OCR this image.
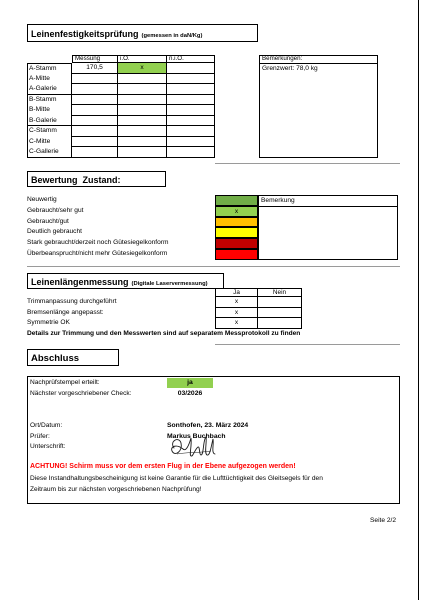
Leinenfestigkeitsprüfung (gemessen in daN/Kg)
Messung	i.O.	n.i.O.
A-Stamm	170,5	x
A-Mitte
A-Galerie
B-Stamm
B-Mitte
B-Galerie
C-Stamm
C-Mitte
C-Gallerie
Bemerkungen:
Grenzwert: 78,0 kg
Bewertung  Zustand:
Neuwertig
Gebraucht/sehr gut	x
Gebraucht/gut
Deutlich gebraucht
Stark gebraucht/derzeit noch Gütesiegelkonform
Überbeansprucht/nicht mehr Gütesiegelkonform
Bemerkung
Leinenlängenmessung (Digitale Laservermessung)
Ja	Nein
Trimmanpassung durchgeführt	x
Bremsenlänge angepasst:	x
Symmetrie OK	x
Details zur Trimmung und den Messwerten sind auf separatem Messprotokoll zu finden
Abschluss
Nachprüfstempel erteilt:	ja
Nächster vorgeschriebener Check:	03/2026
Ort/Datum:	Sonthofen, 23. März 2024
Prüfer:	Markus Buchbach
Unterschrift:
ACHTUNG! Schirm muss vor dem ersten Flug in der Ebene aufgezogen werden!
Diese Instandhaltungsbescheinigung ist keine Garantie für die Lufttüchtigkeit des Gleitsegels für den
Zeitraum bis zur nächsten vorgeschriebenen Nachprüfung!
Seite 2/2
